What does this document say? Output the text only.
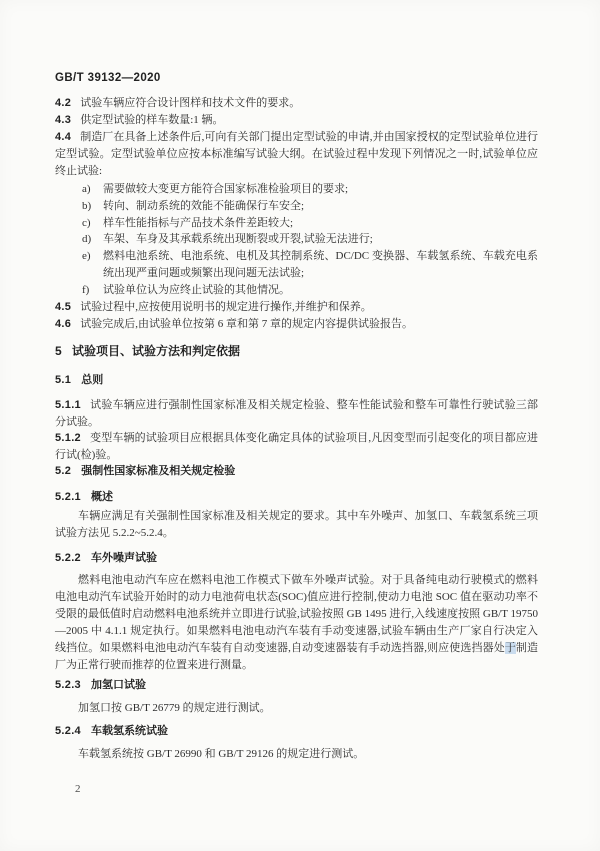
GB/T 39132—2020
4.2 试验车辆应符合设计图样和技术文件的要求。
4.3 供定型试验的样车数量:1 辆。
4.4 制造厂在具备上述条件后,可向有关部门提出定型试验的申请,并由国家授权的定型试验单位进行定型试验。定型试验单位应按本标准编写试验大纲。在试验过程中发现下列情况之一时,试验单位应终止试验:
a)	需要做较大变更方能符合国家标准检验项目的要求;
b)	转向、制动系统的效能不能确保行车安全;
c)	样车性能指标与产品技术条件差距较大;
d)	车架、车身及其承载系统出现断裂或开裂,试验无法进行;
e)	燃料电池系统、电池系统、电机及其控制系统、DC/DC 变换器、车载氢系统、车载充电系统出现严重问题或频繁出现问题无法试验;
f)	试验单位认为应终止试验的其他情况。
4.5 试验过程中,应按使用说明书的规定进行操作,并维护和保养。
4.6 试验完成后,由试验单位按第 6 章和第 7 章的规定内容提供试验报告。
5 试验项目、试验方法和判定依据
5.1 总则
5.1.1 试验车辆应进行强制性国家标准及相关规定检验、整车性能试验和整车可靠性行驶试验三部分试验。
5.1.2 变型车辆的试验项目应根据具体变化确定具体的试验项目,凡因变型而引起变化的项目都应进行试(检)验。
5.2 强制性国家标准及相关规定检验
5.2.1 概述
车辆应满足有关强制性国家标准及相关规定的要求。其中车外噪声、加氢口、车载氢系统三项试验方法见 5.2.2~5.2.4。
5.2.2 车外噪声试验
燃料电池电动汽车应在燃料电池工作模式下做车外噪声试验。对于具备纯电动行驶模式的燃料电池电动汽车试验开始时的动力电池荷电状态(SOC)值应进行控制,使动力电池 SOC 值在驱动功率不受限的最低值时启动燃料电池系统并立即进行试验,试验按照 GB 1495 进行,入线速度按照 GB/T 19750—2005 中 4.1.1 规定执行。如果燃料电池电动汽车装有手动变速器,试验车辆由生产厂家自行决定入线挡位。如果燃料电池电动汽车装有自动变速器,自动变速器装有手动选挡器,则应使选挡器处于制造厂为正常行驶而推荐的位置来进行测量。
5.2.3 加氢口试验
加氢口按 GB/T 26779 的规定进行测试。
5.2.4 车载氢系统试验
车载氢系统按 GB/T 26990 和 GB/T 29126 的规定进行测试。
2
